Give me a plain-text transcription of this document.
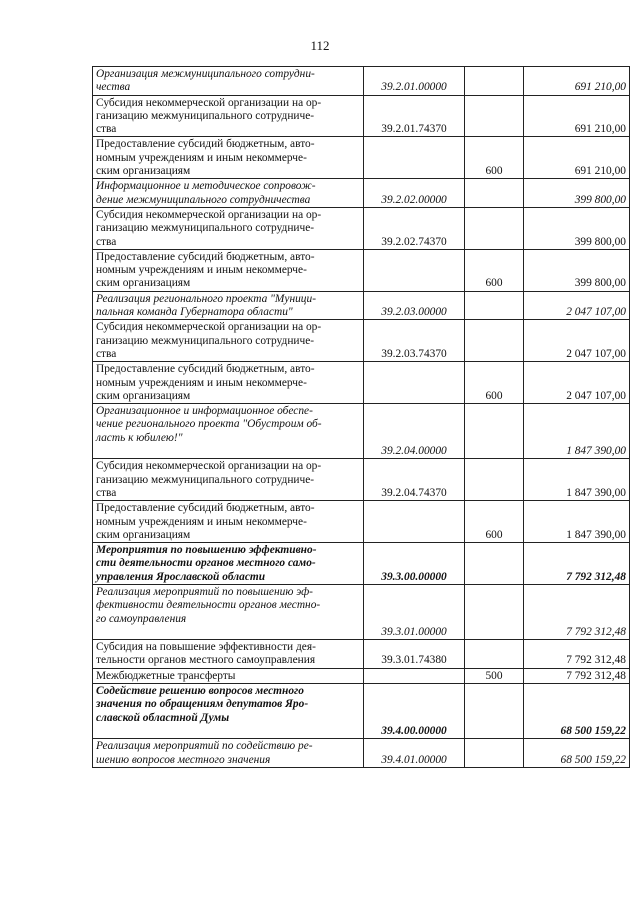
112
Организация межмуниципального сотрудни-
чества	39.2.01.00000		691 210,00
Субсидия некоммерческой организации на ор-
ганизацию межмуниципального сотрудниче-
ства	39.2.01.74370		691 210,00
Предоставление субсидий бюджетным, авто-
номным учреждениям и иным некоммерче-
ским организациям		600	691 210,00
Информационное и методическое сопровож-
дение межмуниципального сотрудничества	39.2.02.00000		399 800,00
Субсидия некоммерческой организации на ор-
ганизацию межмуниципального сотрудниче-
ства	39.2.02.74370		399 800,00
Предоставление субсидий бюджетным, авто-
номным учреждениям и иным некоммерче-
ским организациям		600	399 800,00
Реализация регионального проекта "Муници-
пальная команда Губернатора области"	39.2.03.00000		2 047 107,00
Субсидия некоммерческой организации на ор-
ганизацию межмуниципального сотрудниче-
ства	39.2.03.74370		2 047 107,00
Предоставление субсидий бюджетным, авто-
номным учреждениям и иным некоммерче-
ским организациям		600	2 047 107,00
Организационное и информационное обеспе-
чение регионального проекта "Обустроим об-
ласть к юбилею!"	39.2.04.00000		1 847 390,00
Субсидия некоммерческой организации на ор-
ганизацию межмуниципального сотрудниче-
ства	39.2.04.74370		1 847 390,00
Предоставление субсидий бюджетным, авто-
номным учреждениям и иным некоммерче-
ским организациям		600	1 847 390,00
Мероприятия по повышению эффективно-
сти деятельности органов местного само-
управления Ярославской области	39.3.00.00000		7 792 312,48
Реализация мероприятий по повышению эф-
фективности деятельности органов местно-
го самоуправления	39.3.01.00000		7 792 312,48
Субсидия на повышение эффективности дея-
тельности органов местного самоуправления	39.3.01.74380		7 792 312,48
Межбюджетные трансферты		500	7 792 312,48
Содействие решению вопросов местного
значения по обращениям депутатов Яро-
славской областной Думы	39.4.00.00000		68 500 159,22
Реализация мероприятий по содействию ре-
шению вопросов местного значения	39.4.01.00000		68 500 159,22
